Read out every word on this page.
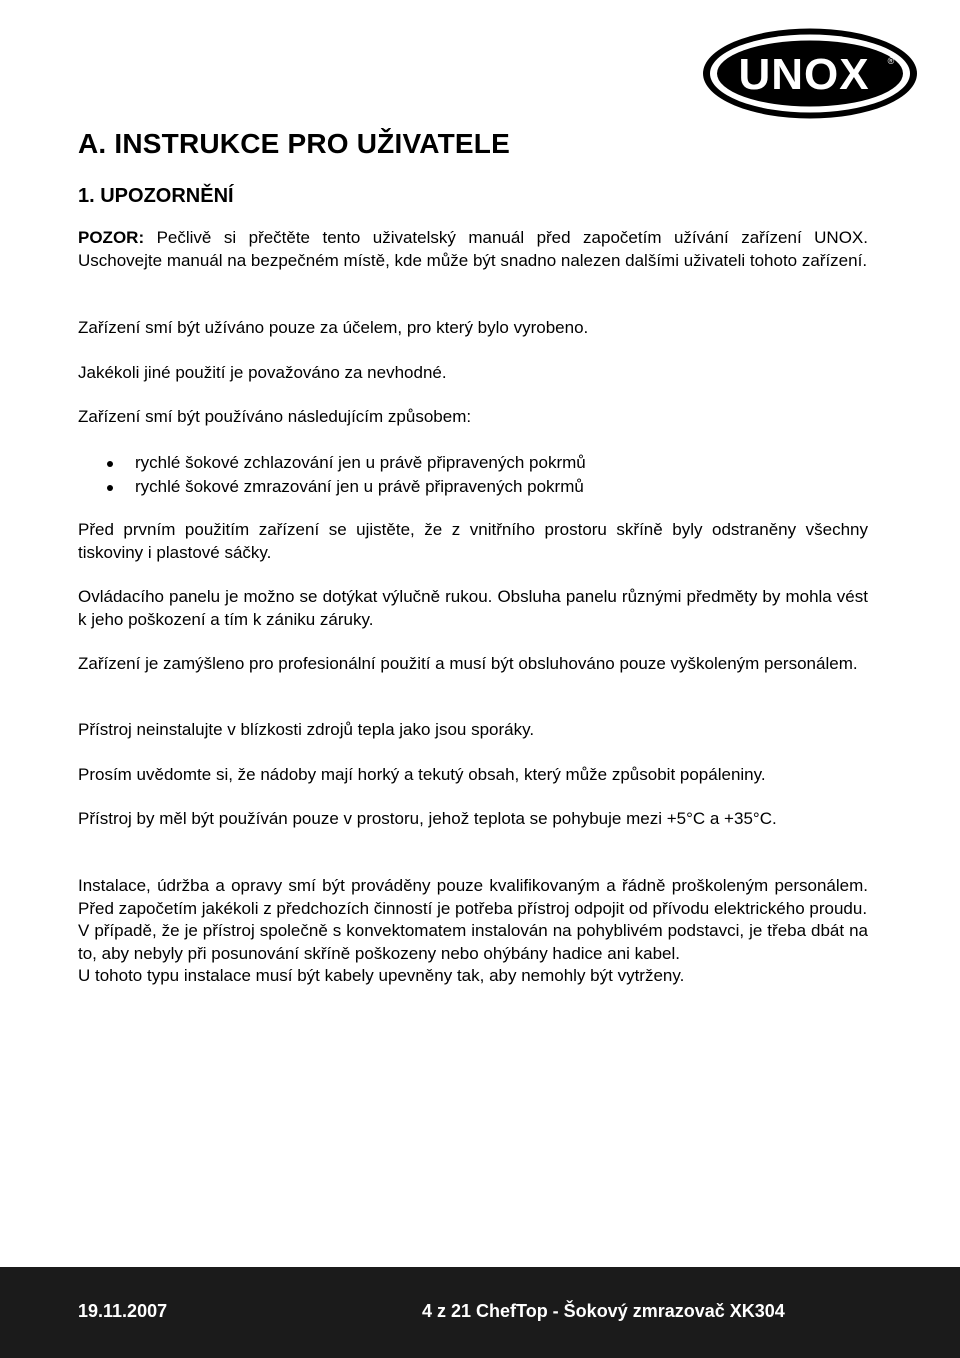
UNOX ®
A. INSTRUKCE PRO UŽIVATELE
1. UPOZORNĚNÍ

POZOR: Pečlivě si přečtěte tento uživatelský manuál před započetím užívání zařízení UNOX. Uschovejte manuál na bezpečném místě, kde může být snadno nalezen dalšími uživateli tohoto zařízení.

Zařízení smí být užíváno pouze za účelem, pro který bylo vyrobeno.

Jakékoli jiné použití je považováno za nevhodné.

Zařízení smí být používáno následujícím způsobem:

rychlé šokové zchlazování jen u právě připravených pokrmů
rychlé šokové zmrazování jen u právě připravených pokrmů

Před prvním použitím zařízení se ujistěte, že z vnitřního prostoru skříně byly odstraněny všechny tiskoviny i plastové sáčky.

Ovládacího panelu je možno se dotýkat výlučně rukou. Obsluha panelu různými předměty by mohla vést k jeho poškození a tím k zániku záruky.

Zařízení je zamýšleno pro profesionální použití a musí být obsluhováno pouze vyškoleným personálem.

Přístroj neinstalujte v blízkosti zdrojů tepla jako jsou sporáky.

Prosím uvědomte si, že nádoby mají horký a tekutý obsah, který může způsobit popáleniny.

Přístroj by měl být používán pouze v prostoru, jehož teplota se pohybuje mezi +5°C a +35°C.

Instalace, údržba a opravy smí být prováděny pouze kvalifikovaným a řádně proškoleným personálem. Před započetím jakékoli z předchozích činností je potřeba přístroj odpojit od přívodu elektrického proudu.

V případě, že je přístroj společně s konvektomatem instalován na pohyblivém podstavci, je třeba dbát na to, aby nebyly při posunování skříně poškozeny nebo ohýbány hadice ani kabel.

U tohoto typu instalace musí být kabely upevněny tak, aby nemohly být vytrženy.

19.11.2007	4 z 21 ChefTop - Šokový zmrazovač XK304
